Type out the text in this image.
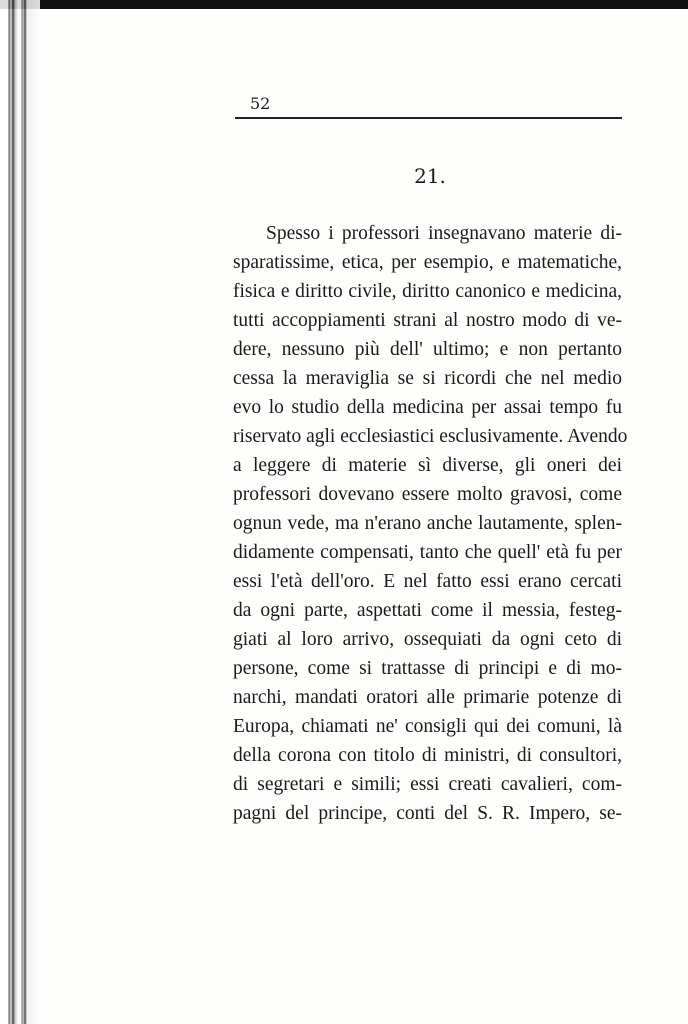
52
21.
Spesso i professori insegnavano materie di-
sparatissime, etica, per esempio, e matematiche,
fisica e diritto civile, diritto canonico e medicina,
tutti accoppiamenti strani al nostro modo di ve-
dere, nessuno più dell' ultimo; e non pertanto
cessa la meraviglia se si ricordi che nel medio
evo lo studio della medicina per assai tempo fu
riservato agli ecclesiastici esclusivamente. Avendo
a leggere di materie sì diverse, gli oneri dei
professori dovevano essere molto gravosi, come
ognun vede, ma n'erano anche lautamente, splen-
didamente compensati, tanto che quell' età fu per
essi l'età dell'oro. E nel fatto essi erano cercati
da ogni parte, aspettati come il messia, festeg-
giati al loro arrivo, ossequiati da ogni ceto di
persone, come si trattasse di principi e di mo-
narchi, mandati oratori alle primarie potenze di
Europa, chiamati ne' consigli qui dei comuni, là
della corona con titolo di ministri, di consultori,
di segretari e simili; essi creati cavalieri, com-
pagni del principe, conti del S. R. Impero, se-
